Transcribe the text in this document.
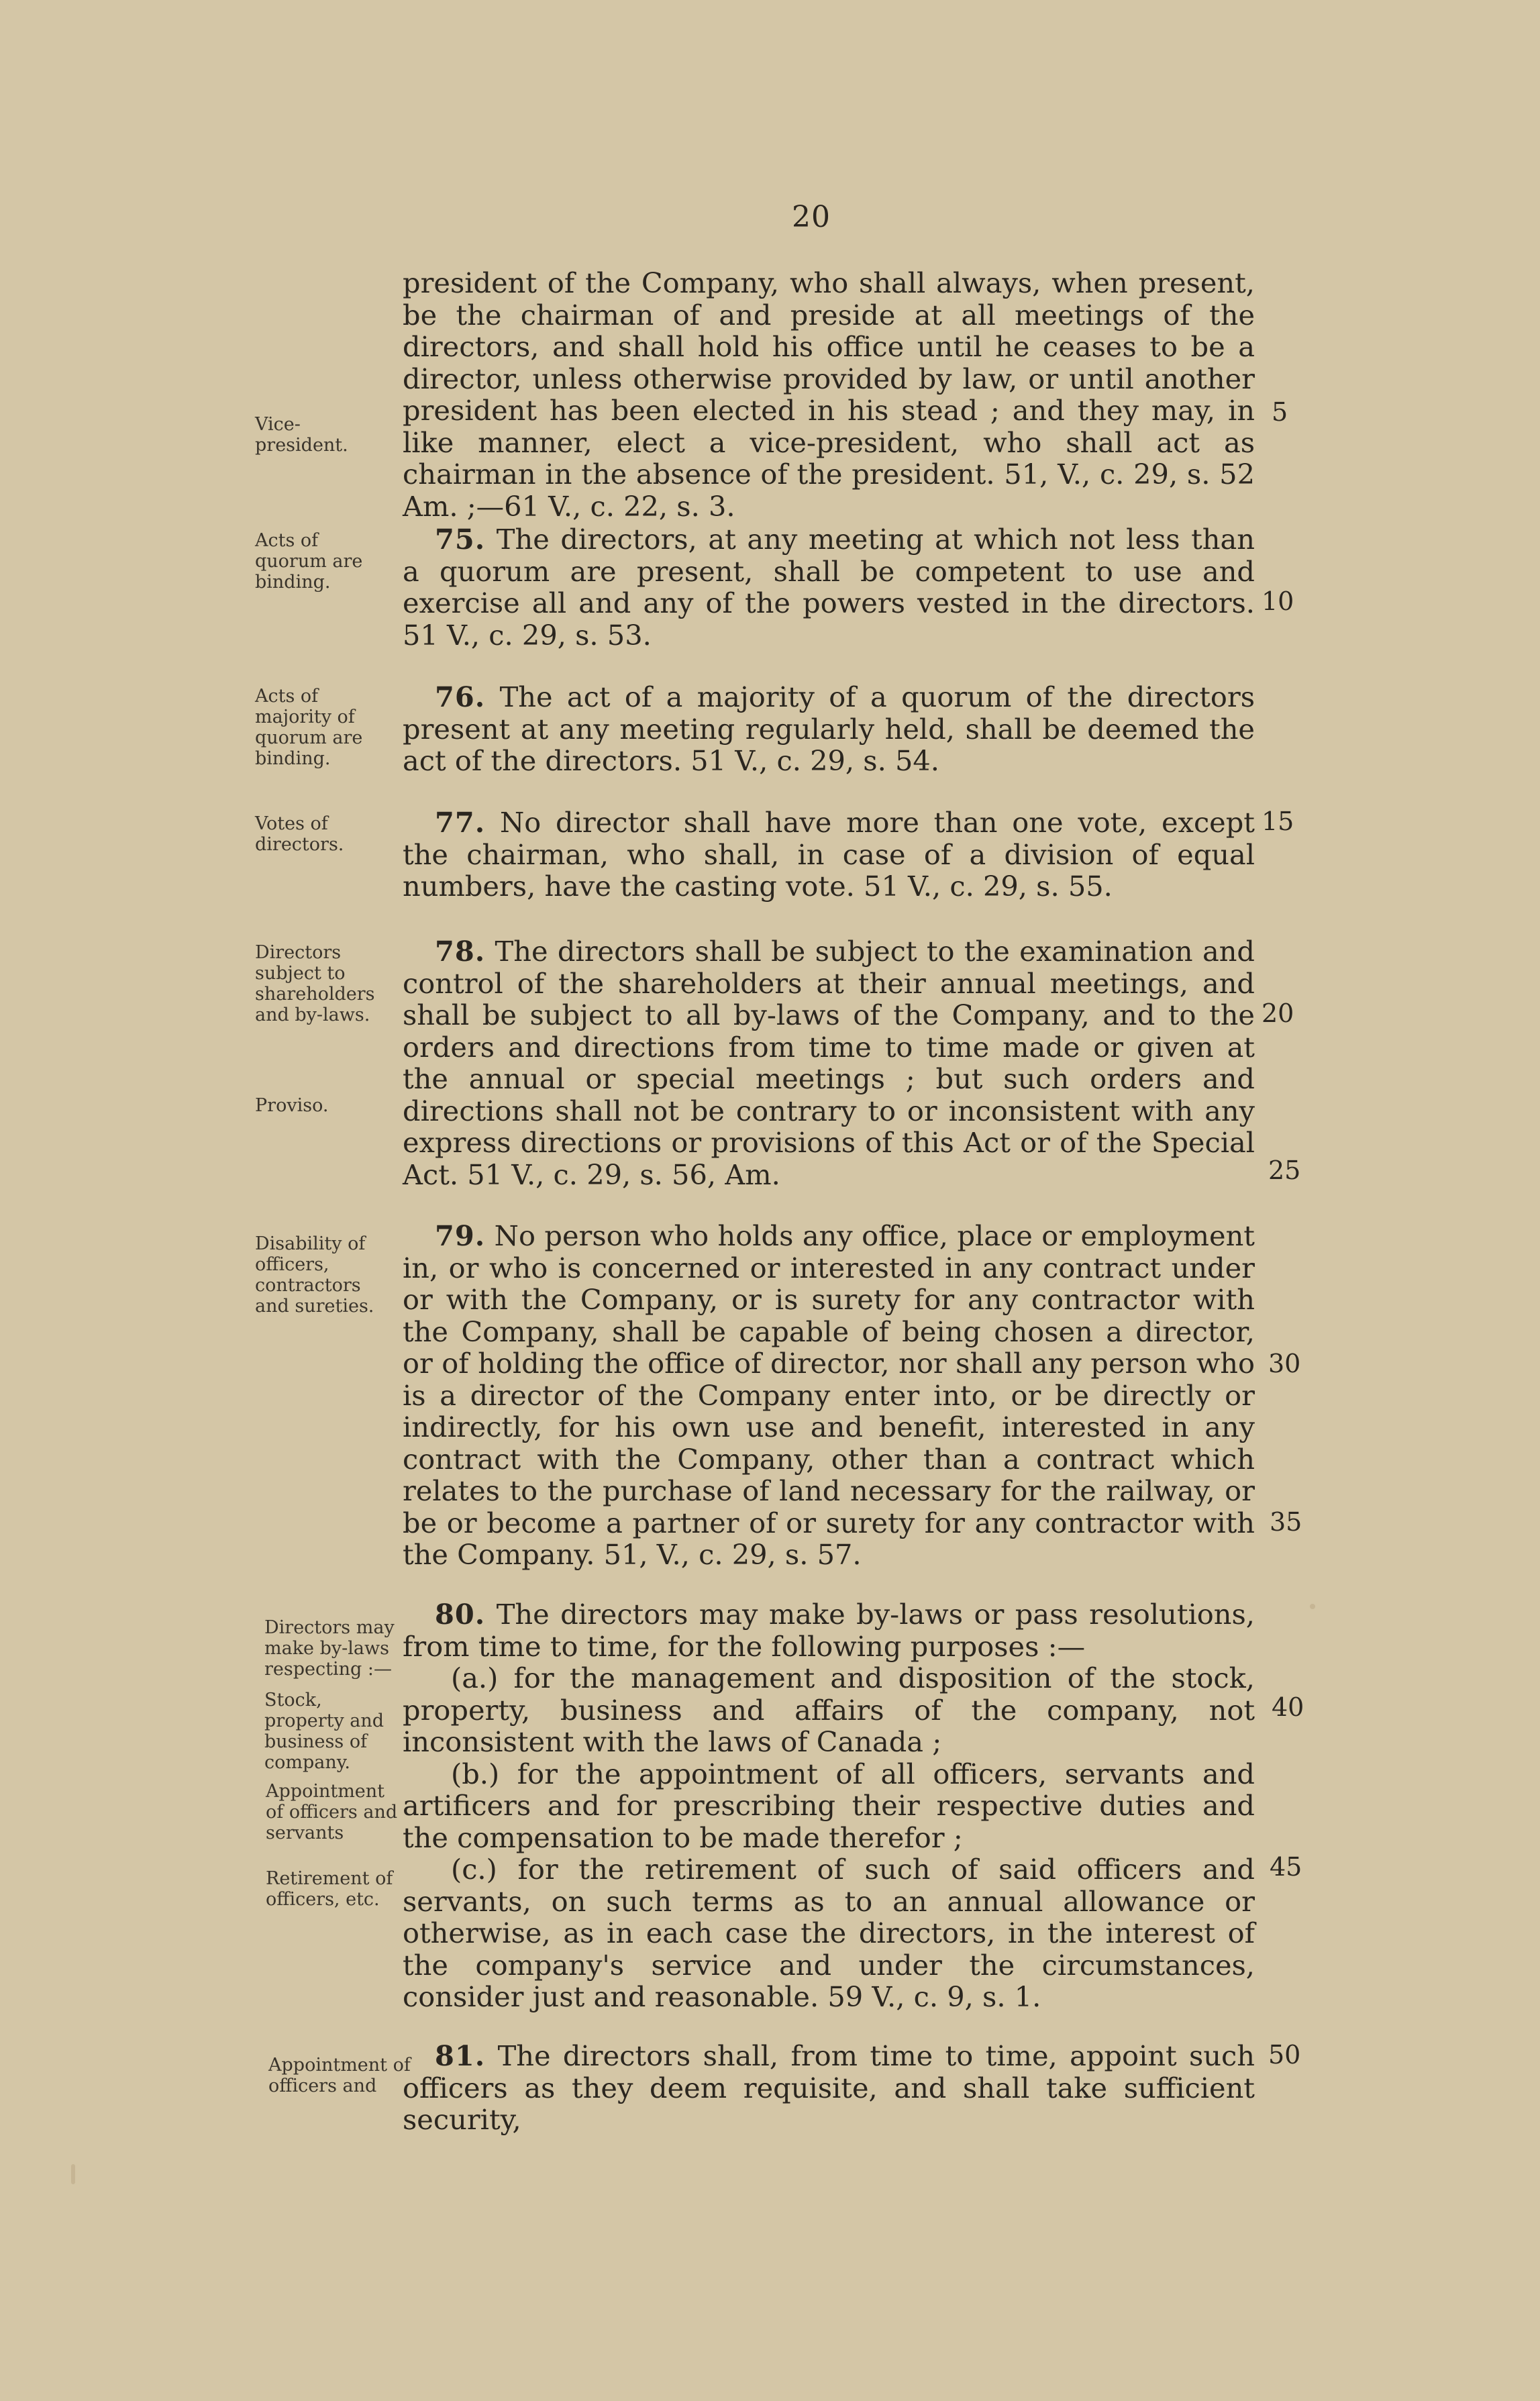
20

president of the Company, who shall always, when present, be the chairman of and preside at all meetings of the directors, and shall hold his office until he ceases to be a director, unless otherwise provided by law, or until another president has been elected in his stead ; and they may, in like manner, elect a vice-president, who shall act as chairman in the absence of the president. 51, V., c. 29, s. 52 Am. ;—61 V., c. 22, s. 3.

Vice-president.
5

75. The directors, at any meeting at which not less than a quorum are present, shall be competent to use and exercise all and any of the powers vested in the directors. 51 V., c. 29, s. 53.

Acts of quorum are binding.
10

76. The act of a majority of a quorum of the directors present at any meeting regularly held, shall be deemed the act of the directors. 51 V., c. 29, s. 54.

Acts of majority of quorum are binding.

77. No director shall have more than one vote, except the chairman, who shall, in case of a division of equal numbers, have the casting vote. 51 V., c. 29, s. 55.

Votes of directors.
15

78. The directors shall be subject to the examination and control of the shareholders at their annual meetings, and shall be subject to all by-laws of the Company, and to the orders and directions from time to time made or given at the annual or special meetings ; but such orders and directions shall not be contrary to or inconsistent with any express directions or provisions of this Act or of the Special Act. 51 V., c. 29, s. 56, Am.

Directors subject to shareholders and by-laws.
Proviso.
20
25

79. No person who holds any office, place or employment in, or who is concerned or interested in any contract under or with the Company, or is surety for any contractor with the Company, shall be capable of being chosen a director, or of holding the office of director, nor shall any person who is a director of the Company enter into, or be directly or indirectly, for his own use and benefit, interested in any contract with the Company, other than a contract which relates to the purchase of land necessary for the railway, or be or become a partner of or surety for any contractor with the Company. 51, V., c. 29, s. 57.

Disability of officers, contractors and sureties.
30
35

80. The directors may make by-laws or pass resolutions, from time to time, for the following purposes :—

(a.) for the management and disposition of the stock, property, business and affairs of the company, not inconsistent with the laws of Canada ;

(b.) for the appointment of all officers, servants and artificers and for prescribing their respective duties and the compensation to be made therefor ;

(c.) for the retirement of such of said officers and servants, on such terms as to an annual allowance or otherwise, as in each case the directors, in the interest of the company's service and under the circumstances, consider just and reasonable. 59 V., c. 9, s. 1.

Directors may make by-laws respecting :—
Stock, property and business of company.
Appointment of officers and servants
Retirement of officers, etc.
40
45

81. The directors shall, from time to time, appoint such officers as they deem requisite, and shall take sufficient security,

Appointment of officers and
50
